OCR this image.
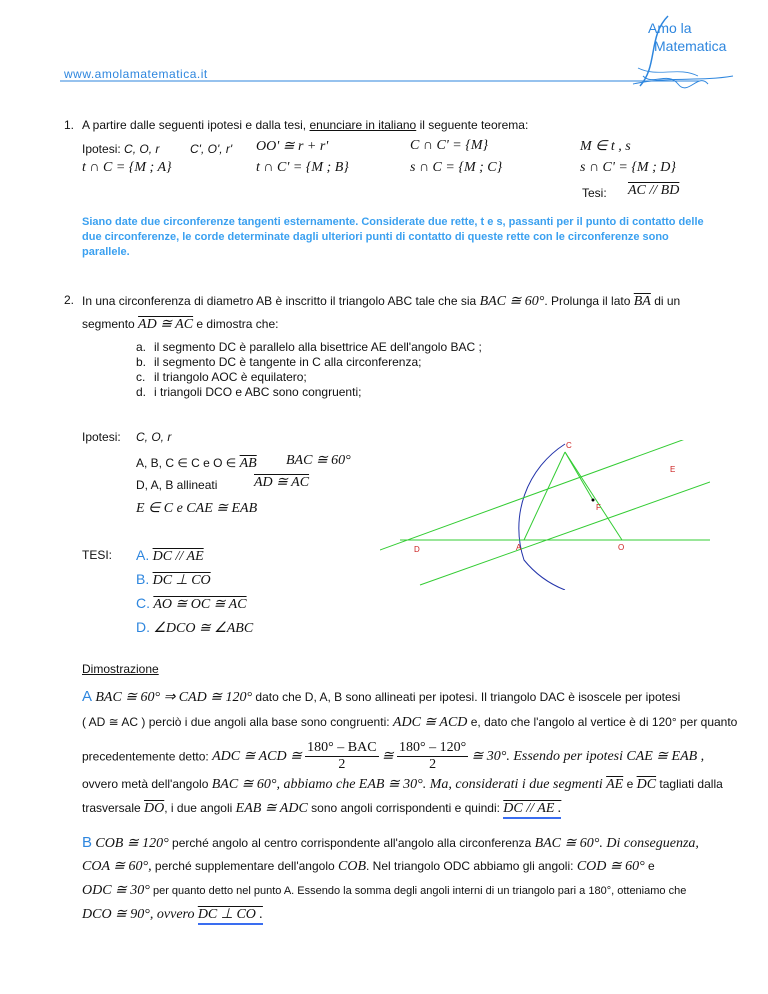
www.amolamatematica.it
Amo la
Matematica
1. A partire dalle seguenti ipotesi e dalla tesi, enunciare in italiano il seguente teorema:
Ipotesi: C, O, r	C', O', r' OO' ≅ r + r'	C ∩ C' = {M}	M ∈ t , s
t ∩ C = {M ; A}	t ∩ C' = {M ; B}	s ∩ C = {M ; C}	s ∩ C' = {M ; D}
Tesi: AC // BD
Siano date due circonferenze tangenti esternamente. Considerate due rette, t e s, passanti per il punto di contatto delle due circonferenze, le corde determinate dagli ulteriori punti di contatto di queste rette con le circonferenze sono parallele.
2. In una circonferenza di diametro AB è inscritto il triangolo ABC tale che sia BAC ≅ 60°. Prolunga il lato $\overline{BA}$ di un
segmento AD ≅ AC e dimostra che:
a. il segmento DC è parallelo alla bisettrice AE dell'angolo BAC ;
b. il segmento DC è tangente in C alla circonferenza;
c. il triangolo AOC è equilatero;
d. i triangoli DCO e ABC sono congruenti;
Ipotesi: C, O, r
A, B, C ∈ C e O ∈ $\overline{AB}$ BAC ≅ 60°
D, A, B allineati	AD ≅ AC
E ∈ C e CAE ≅ EAB
TESI: A. DC // AE
B. DC ⊥ CO
C. AO ≅ OC ≅ AC
D. ∠DCO ≅ ∠ABC
C
E
F
D	A	O
Dimostrazione
A BAC ≅ 60° ⇒ CAD ≅ 120° dato che D, A, B sono allineati per ipotesi. Il triangolo DAC è isoscele per ipotesi
( AD ≅ AC ) perciò i due angoli alla base sono congruenti: ADC ≅ ACD e, dato che l'angolo al vertice è di 120° per quanto
precedentemente detto: ADC ≅ ACD ≅
180° – BAC
2
≅ $\frac{180^\circ - 120^\circ}{2}$ ≅ 30°. Essendo per ipotesi CAE ≅ EAB ,
ovvero metà dell'angolo BAC ≅ 60°, abbiamo che EAB ≅ 30°. Ma, considerati i due segmenti $\overline{AE}$ e $\overline{DC}$ tagliati dalla
trasversale $\overline{DO}$, i due angoli EAB ≅ ADC sono angoli corrispondenti e quindi: DC // AE .
B COB ≅ 120° perché angolo al centro corrispondente all'angolo alla circonferenza BAC ≅ 60°. Di conseguenza,
COA ≅ 60°, perché supplementare dell'angolo COB. Nel triangolo ODC abbiamo gli angoli: COD ≅ 60° e
ODC ≅ 30° per quanto detto nel punto A. Essendo la somma degli angoli interni di un triangolo pari a 180°, otteniamo che
DCO ≅ 90°, ovvero DC ⊥ CO .
